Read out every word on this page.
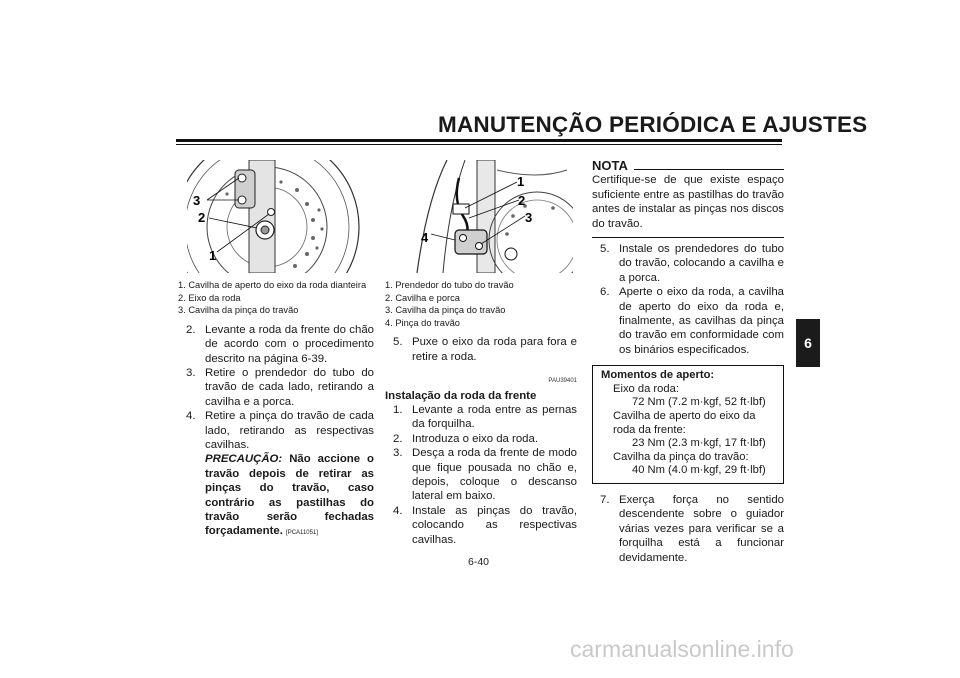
MANUTENÇÃO PERIÓDICA E AJUSTES
6
3
2
1
1. Cavilha de aperto do eixo da roda dianteira
2. Eixo da roda
3. Cavilha da pinça do travão
2. Levante a roda da frente do chão de acordo com o procedimento descrito na página 6-39.
3. Retire o prendedor do tubo do travão de cada lado, retirando a cavilha e a porca.
4. Retire a pinça do travão de cada lado, retirando as respectivas cavilhas.
PRECAUÇÃO: Não accione o travão depois de retirar as pinças do travão, caso contrário as pastilhas do travão serão fechadas forçadamente. [PCA11051]
1
2
3
4
1. Prendedor do tubo do travão
2. Cavilha e porca
3. Cavilha da pinça do travão
4. Pinça do travão
5. Puxe o eixo da roda para fora e retire a roda.
PAU39401
Instalação da roda da frente
1. Levante a roda entre as pernas da forquilha.
2. Introduza o eixo da roda.
3. Desça a roda da frente de modo que fique pousada no chão e, depois, coloque o descanso lateral em baixo.
4. Instale as pinças do travão, colocando as respectivas cavilhas.
NOTA
Certifique-se de que existe espaço suficiente entre as pastilhas do travão antes de instalar as pinças nos discos do travão.
5. Instale os prendedores do tubo do travão, colocando a cavilha e a porca.
6. Aperte o eixo da roda, a cavilha de aperto do eixo da roda e, finalmente, as cavilhas da pinça do travão em conformidade com os binários especificados.
Momentos de aperto:
Eixo da roda:
72 Nm (7.2 m·kgf, 52 ft·lbf)
Cavilha de aperto do eixo da roda da frente:
23 Nm (2.3 m·kgf, 17 ft·lbf)
Cavilha da pinça do travão:
40 Nm (4.0 m·kgf, 29 ft·lbf)
7. Exerça força no sentido descendente sobre o guiador várias vezes para verificar se a forquilha está a funcionar devidamente.
6-40
carmanualsonline.info
